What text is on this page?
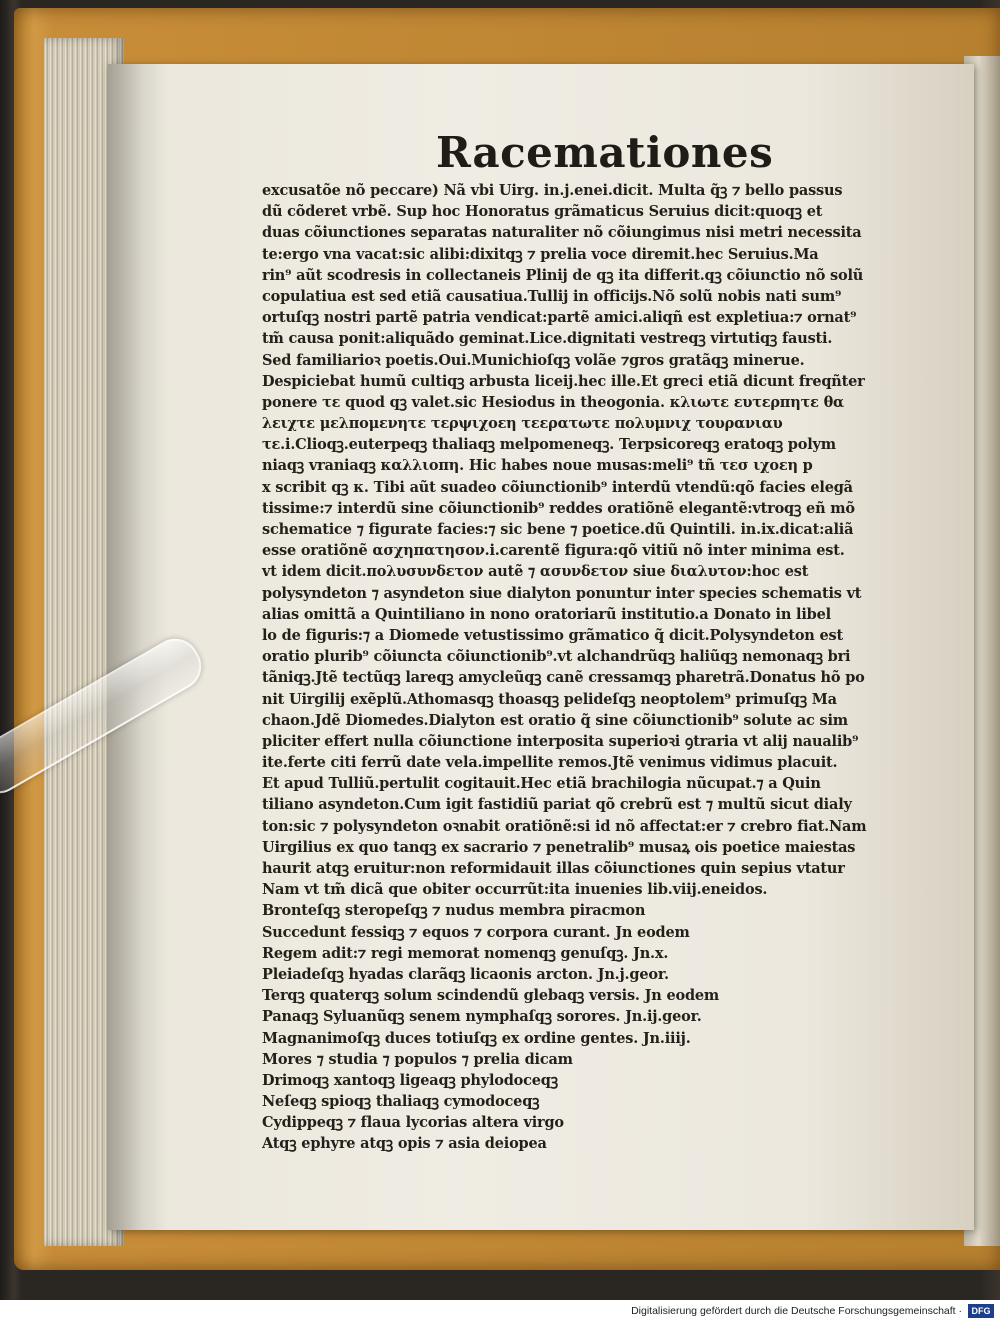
Racemationes
excusatõe nõ peccare) Nã vbi Uirg. in.j.enei.dicit. Multa q̃ꝫ ⁊ bello passus
dũ cõderet vrbẽ. Sup hoc Honoratus grãmaticus Seruius dicit:quoqꝫ et
duas cõiunctiones separatas naturaliter nõ cõiungimus nisi metri necessita
te:ergo vna vacat:sic alibi:dixitqꝫ ⁊ prelia voce diremit.hec Seruius.Ma
rin⁹ aũt scodresis in collectaneis Plinij de qꝫ ita differit.qꝫ cõiunctio nõ solũ
copulatiua est sed etiã causatiua.Tullij in officijs.Nõ solũ nobis nati sum⁹
ortuſqꝫ nostri partẽ patria vendicat:partẽ amici.aliqñ est expletiua:⁊ ornat⁹
tm̃ causa ponit:aliquãdo geminat.Lice.dignitati vestreqꝫ virtutiqꝫ fausti.
Sed familiarioꝛ poetis.Oui.Munichioſqꝫ volãe ⁊gros gratãqꝫ minerue.
Despiciebat humũ cultiqꝫ arbusta liceij.hec ille.Et greci etiã dicunt freqñter
ponere τε quod qꝫ valet.sic Hesiodus in theogonia. κλιωτε ευτερπητε θα
λειχτε μελπομενητε τερψιχοεη τεερατωτε πολυμνιχ τουρανιαυ
τε.i.Clioqꝫ.euterpeqꝫ thaliaqꝫ melpomeneqꝫ. Terpsicoreqꝫ eratoqꝫ polym
niaqꝫ vraniaqꝫ καλλιοπη. Hic habes noue musas:meli⁹ tñ τεσ ιχοεη p
x scribit qꝫ κ. Tibi aũt suadeo cõiunctionib⁹ interdũ vtendũ:qõ facies elegã
tissime:⁊ interdũ sine cõiunctionib⁹ reddes oratiõnẽ elegantẽ:vtroqꝫ eñ mõ
schematice ⁊ figurate facies:⁊ sic bene ⁊ poetice.dũ Quintili. in.ix.dicat:aliã
esse oratiõnẽ ασχηπατησον.i.carentẽ figura:qõ vitiũ nõ inter minima est.
vt idem dicit.πολυσυνδετον autẽ ⁊ ασυνδετον siue διαλυτον:hoc est
polysyndeton ⁊ asyndeton siue dialyton ponuntur inter species schematis vt
alias omittã a Quintiliano in nono oratoriarũ institutio.a Donato in libel
lo de figuris:⁊ a Diomede vetustissimo grãmatico q̃ dicit.Polysyndeton est
oratio plurib⁹ cõiuncta cõiunctionib⁹.vt alchandrũqꝫ haliũqꝫ nemonaqꝫ bri
tãniqꝫ.Jtẽ tectũqꝫ lareqꝫ amycleũqꝫ canẽ cressamqꝫ pharetrã.Donatus hõ po
nit Uirgilij exẽplũ.Athomasqꝫ thoasqꝫ pelideſqꝫ neoptolem⁹ primuſqꝫ Ma
chaon.Jdẽ Diomedes.Dialyton est oratio q̃ sine cõiunctionib⁹ solute ac sim
pliciter effert nulla cõiunctione interposita superioꝛi ꝯtraria vt alij naualib⁹
ite.ferte citi ferrũ date vela.impellite remos.Jtẽ venimus vidimus placuit.
Et apud Tulliũ.pertulit cogitauit.Hec etiã brachilogia nũcupat.⁊ a Quin
tiliano asyndeton.Cum igit fastidiũ pariat qõ crebrũ est ⁊ multũ sicut dialy
ton:sic ⁊ polysyndeton oꝛnabit oratiõnẽ:si id nõ affectat:er ⁊ crebro fiat.Nam
Uirgilius ex quo tanqꝫ ex sacrario ⁊ penetralib⁹ musaꝝ ois poetice maiestas
haurit atqꝫ eruitur:non reformidauit illas cõiunctiones quin sepius vtatur
Nam vt tm̃ dicã que obiter occurrũt:ita inuenies lib.viij.eneidos.
Bronteſqꝫ steropeſqꝫ ⁊ nudus membra piracmon
Succedunt fessiqꝫ ⁊ equos ⁊ corpora curant. Jn eodem
Regem adit:⁊ regi memorat nomenqꝫ genuſqꝫ. Jn.x.
Pleiadeſqꝫ hyadas clarãqꝫ licaonis arcton. Jn.j.geor.
Terqꝫ quaterqꝫ solum scindendũ glebaqꝫ versis. Jn eodem
Panaqꝫ Syluanũqꝫ senem nymphaſqꝫ sorores. Jn.ij.geor.
Magnanimoſqꝫ duces totiuſqꝫ ex ordine gentes. Jn.iiij.
Mores ⁊ studia ⁊ populos ⁊ prelia dicam
Drimoqꝫ xantoqꝫ ligeaqꝫ phylodoceqꝫ
Neſeqꝫ spioqꝫ thaliaqꝫ cymodoceqꝫ
Cydippeqꝫ ⁊ flaua lycorias altera virgo
Atqꝫ ephyre atqꝫ opis ⁊ asia deiopea
Digitalisierung gefördert durch die Deutsche Forschungsgemeinschaft ·	DFG
